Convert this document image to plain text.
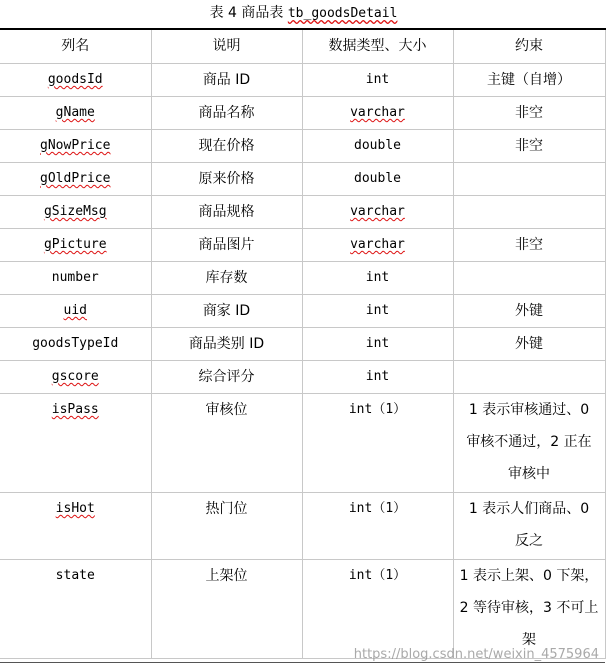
表 4 商品表 tb_goodsDetail
列名	说明	数据类型、大小	约束
goodsId	商品 ID	int	主键（自增）
gName	商品名称	varchar	非空
gNowPrice	现在价格	double	非空
gOldPrice	原来价格	double	
gSizeMsg	商品规格	varchar	
gPicture	商品图片	varchar	非空
number	库存数	int	
uid	商家 ID	int	外键
goodsTypeId	商品类别 ID	int	外键
gscore	综合评分	int	
isPass	审核位	int（1）	1 表示审核通过、0
审核不通过，2 正在
审核中

isHot	热门位	int（1）	1 表示人们商品、0
反之

state	上架位	int（1）	1 表示上架、0 下架，
2 等待审核，3 不可上
架
https://blog.csdn.net/weixin_4575964
